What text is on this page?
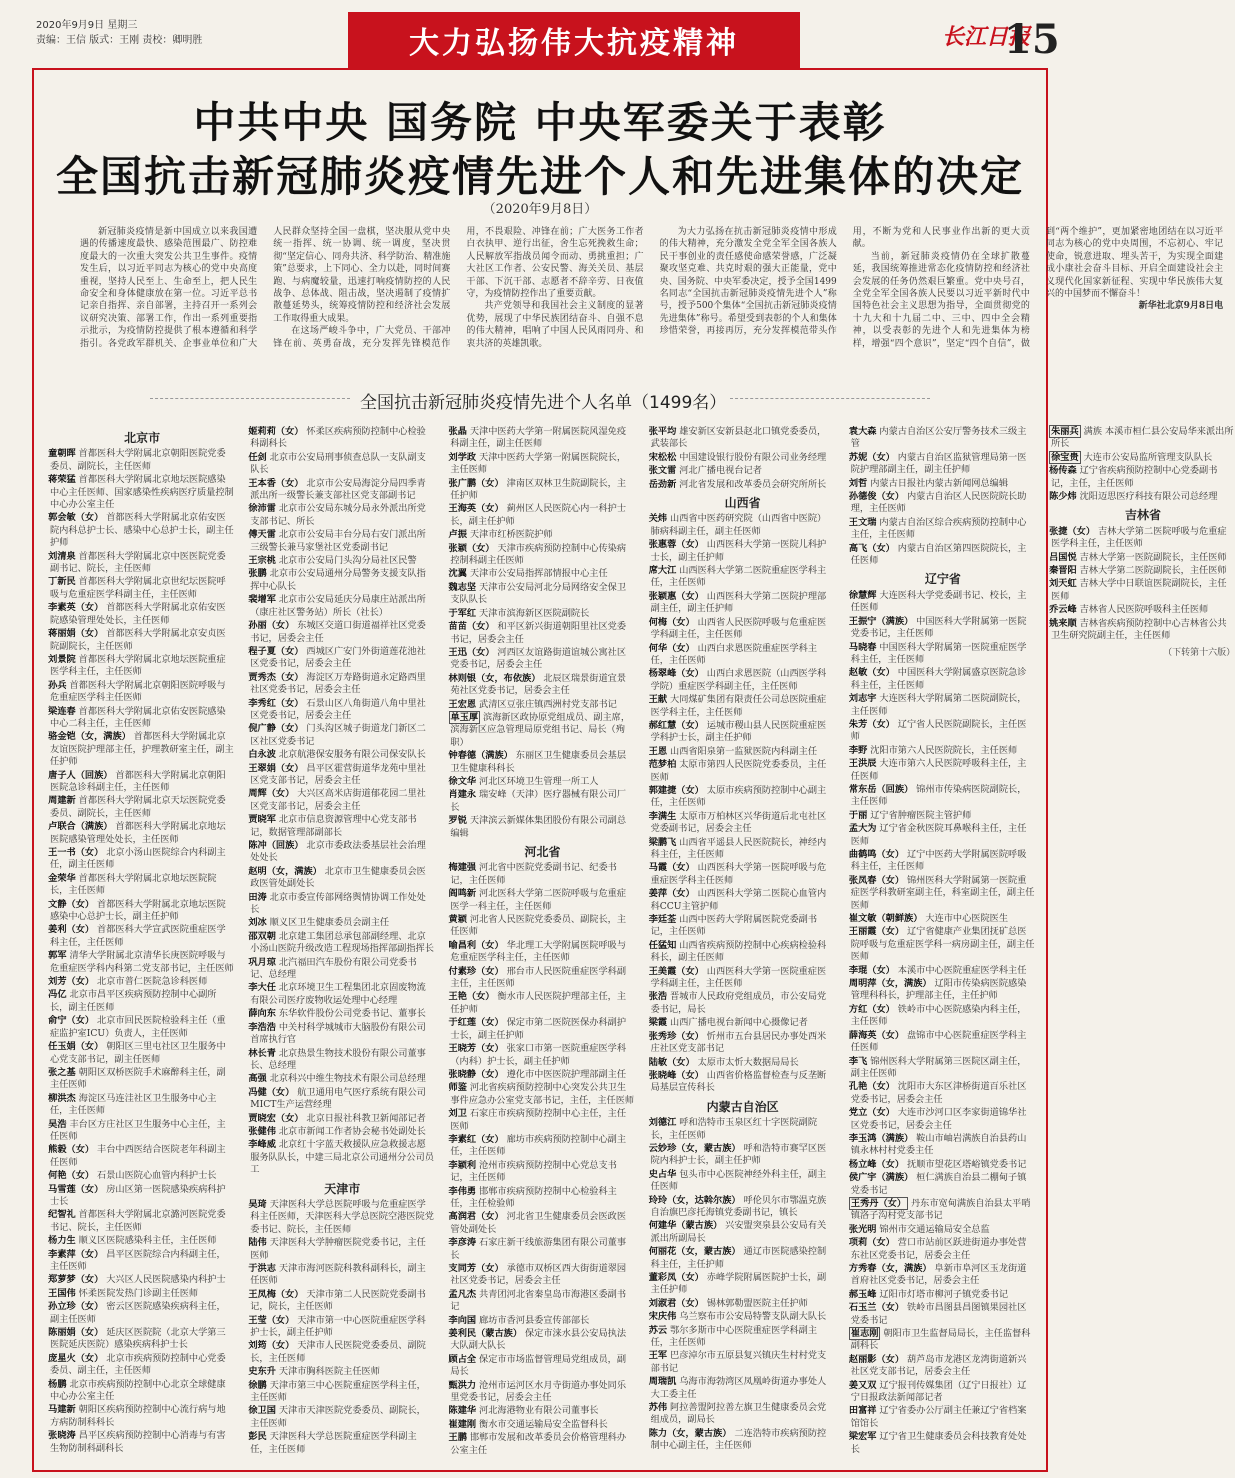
2020年9月9日 星期三
责编：王信 版式：王刚 责校：卿明胜	大力弘扬伟大抗疫精神	长江日报
15
中共中央 国务院 中央军委关于表彰
全国抗击新冠肺炎疫情先进个人和先进集体的决定
（2020年9月8日）

新冠肺炎疫情是新中国成立以来我国遭遇的传播速度最快、感染范围最广、防控难度最大的一次重大突发公共卫生事件。疫情发生后，以习近平同志为核心的党中央高度重视，坚持人民至上、生命至上，把人民生命安全和身体健康放在第一位。习近平总书记亲自指挥、亲自部署，主持召开一系列会议研究决策、部署工作，作出一系列重要指示批示，为疫情防控提供了根本遵循和科学指引。各党政军群机关、企事业单位和广大人民群众坚持全国一盘棋，坚决服从党中央统一指挥、统一协调、统一调度，坚决贯彻“坚定信心、同舟共济、科学防治、精准施策”总要求，上下同心、全力以赴，同时间赛跑、与病魔较量，迅速打响疫情防控的人民战争、总体战、阻击战，坚决遏制了疫情扩散蔓延势头，统筹疫情防控和经济社会发展工作取得重大成果。

在这场严峻斗争中，广大党员、干部冲锋在前、英勇奋战，充分发挥先锋模范作用，不畏艰险、冲锋在前；广大医务工作者白衣执甲、逆行出征，舍生忘死挽救生命；人民解放军指战员闻令而动、勇挑重担；广大社区工作者、公安民警、海关关员、基层干部、下沉干部、志愿者不辞辛劳、日夜值守，为疫情防控作出了重要贡献。

共产党领导和我国社会主义制度的显著优势，展现了中华民族团结奋斗、自强不息的伟大精神，唱响了中国人民风雨同舟、和衷共济的英雄凯歌。

为大力弘扬在抗击新冠肺炎疫情中形成的伟大精神，充分激发全党全军全国各族人民干事创业的责任感使命感荣誉感，广泛凝聚攻坚克难、共克时艰的强大正能量，党中央、国务院、中央军委决定，授予全国1499名同志“全国抗击新冠肺炎疫情先进个人”称号，授予500个集体“全国抗击新冠肺炎疫情先进集体”称号。希望受到表彰的个人和集体珍惜荣誉，再接再厉，充分发挥模范带头作用，不断为党和人民事业作出新的更大贡献。

当前，新冠肺炎疫情仍在全球扩散蔓延，我国统筹推进常态化疫情防控和经济社会发展的任务仍然艰巨繁重。党中央号召，全党全军全国各族人民要以习近平新时代中国特色社会主义思想为指导，全面贯彻党的十九大和十九届二中、三中、四中全会精神，以受表彰的先进个人和先进集体为榜样，增强“四个意识”，坚定“四个自信”，做到“两个维护”，更加紧密地团结在以习近平同志为核心的党中央周围，不忘初心、牢记使命，锐意进取、埋头苦干，为实现全面建成小康社会奋斗目标、开启全面建设社会主义现代化国家新征程、实现中华民族伟大复兴的中国梦而不懈奋斗！

新华社北京9月8日电

全国抗击新冠肺炎疫情先进个人名单（1499名）
北京市
童朝晖 首都医科大学附属北京朝阳医院党委委员、副院长，主任医师
蒋荣猛 首都医科大学附属北京地坛医院感染中心主任医师、国家感染性疾病医疗质量控制中心办公室主任
郭会敏（女） 首都医科大学附属北京佑安医院内科总护士长、感染中心总护士长，副主任护师
刘清泉 首都医科大学附属北京中医医院党委副书记、院长，主任医师
丁新民 首都医科大学附属北京世纪坛医院呼吸与危重症医学科副主任，主任医师
李素英（女） 首都医科大学附属北京佑安医院感染管理处处长，主任医师
蒋丽娟（女） 首都医科大学附属北京安贞医院副院长，主任医师
刘景院 首都医科大学附属北京地坛医院重症医学科主任，主任医师
孙兵 首都医科大学附属北京朝阳医院呼吸与危重症医学科主任医师
梁连春 首都医科大学附属北京佑安医院感染中心二科主任，主任医师
骆金铠（女，满族） 首都医科大学附属北京友谊医院护理部主任，护理教研室主任，副主任护师
唐子人（回族） 首都医科大学附属北京朝阳医院急诊科副主任，主任医师
周建新 首都医科大学附属北京天坛医院党委委员、副院长，主任医师
卢联合（满族） 首都医科大学附属北京地坛医院感染管理处处长，主任医师
王一书（女） 北京小汤山医院综合内科副主任，副主任医师
金荣华 首都医科大学附属北京地坛医院院长，主任医师
文静（女） 首都医科大学附属北京地坛医院感染中心总护士长，副主任护师
姜利（女） 首都医科大学宣武医院重症医学科主任，主任医师
郭军 清华大学附属北京清华长庚医院呼吸与危重症医学科内科第二党支部书记，主任医师
刘芳（女） 北京市普仁医院急诊科医师
冯亿 北京市昌平区疾病预防控制中心副所长，副主任医师
俞宁（女） 北京市回民医院检验科主任（重症监护室ICU）负责人，主任医师
任玉娟（女） 朝阳区三里屯社区卫生服务中心党支部书记，副主任医师
张之基 朝阳区双桥医院手术麻醉科主任，副主任医师
柳洪杰 海淀区马连洼社区卫生服务中心主任，主任医师
吴浩 丰台区方庄社区卫生服务中心主任，主任医师
熊毅（女） 丰台中西医结合医院老年科副主任医师
何艳（女） 石景山医院心血管内科护士长
马雪莲（女） 房山区第一医院感染疾病科护士长
纪智礼 首都医科大学附属北京潞河医院党委书记、院长，主任医师
杨力生 顺义区医院感染科主任，主任医师
李素萍（女） 昌平区医院综合内科副主任，主任医师
郑萝梦（女） 大兴区人民医院感染内科护士
王国伟 怀柔医院发热门诊副主任医师
孙立珍（女） 密云区医院感染疾病科主任，副主任医师
陈丽娟（女） 延庆区医院院（北京大学第三医院延庆医院）感染疾病科护士长
庞星火（女） 北京市疾病预防控制中心党委委员、副主任，主任医师
杨鹏 北京市疾病预防控制中心北京全球健康中心办公室主任
马建新 朝阳区疾病预防控制中心流行病与地方病防制科科长
张晓涛 昌平区疾病预防控制中心消毒与有害生物防制科副科长
姬莉莉（女） 怀柔区疾病预防控制中心检验科副科长
任剑 北京市公安局刑事侦查总队一支队副支队长
王本香（女） 北京市公安局海淀分局四季青派出所一级警长兼支部社区党支部副书记
徐沛雷 北京市公安局东城分局永外派出所党支部书记、所长
傅天雷 北京市公安局丰台分局右安门派出所三级警长兼马家堡社区党委副书记
王宗桃 北京市公安局门头沟分局社区民警
张鹏 北京市公安局通州分局警务支援支队指挥中心队长
裴增军 北京市公安局延庆分局康庄站派出所（康庄社区警务站）所长（社长）
孙丽（女） 东城区交道口街道福祥社区党委书记，居委会主任
程子夏（女） 西城区广安门外街道莲花池社区党委书记，居委会主任
贾秀杰（女） 海淀区万寿路街道永定路西里社区党委书记，居委会主任
李秀红（女） 石景山区八角街道八角中里社区党委书记，居委会主任
倪广静（女） 门头沟区城子街道龙门新区二区社区党委书记
白永波 北京航港保安服务有限公司保安队长
王翠娟（女） 昌平区霍营街道华龙苑中里社区党支部书记，居委会主任
周辉（女） 大兴区高米店街道郁花园二里社区党支部书记，居委会主任
贾晓军 北京市信息资源管理中心党支部书记，数据管理部副部长
陈冲（回族） 北京市委政法委基层社会治理处处长
赵明（女，满族） 北京市卫生健康委员会医政医管处副处长
田涛 北京市委宣传部网络舆情协调工作处处长
刘冰 顺义区卫生健康委员会副主任
邵双朝 北京建工集团总承包部副经理、北京小汤山医院升级改造工程现场指挥部副指挥长
巩月琼 北汽福田汽车股份有限公司党委书记、总经理
李大任 北京环境卫生工程集团北京固废物流有限公司医疗废物收运处理中心经理
薛向东 东华软件股份公司党委书记、董事长
李浩浩 中关村科学城城市大脑股份有限公司首席执行官
林长青 北京热景生物技术股份有限公司董事长、总经理
高强 北京科兴中维生物技术有限公司总经理
冯健（女） 航卫通用电气医疗系统有限公司MICT生产运营经理
贾晓宏（女） 北京日报社科教卫新闻部记者
张健伟 北京市新闻工作者协会秘书处副处长
李峰威 北京红十字蓝天救援队应急救援志愿服务队队长，中建三局北京公司通州分公司员工
天津市
吴琦 天津医科大学总医院呼吸与危重症医学科主任医师，天津医科大学总医院空港医院党委书记、院长，主任医师
陆伟 天津医科大学肿瘤医院党委书记，主任医师
于洪志 天津市海河医院科教科副科长，副主任医师
王凤梅（女） 天津市第二人民医院党委副书记，院长，主任医师
王莹（女） 天津市第一中心医院重症医学科护士长，副主任护师
刘筠（女） 天津市人民医院党委委员、副院长，主任医师
史东升 天津市胸科医院主任医师
徐鹏 天津市第三中心医院重症医学科主任，主任医师
徐卫国 天津市天津医院党委委员、副院长，主任医师
彭民 天津医科大学总医院重症医学科副主任，主任医师
张晶 天津中医药大学第一附属医院风湿免疫科副主任，副主任医师
刘学政 天津中医药大学第一附属医院院长，主任医师
张广鹏（女） 津南区双林卫生院副院长，主任护师
王海英（女） 蓟州区人民医院心内一科护士长，副主任护师
卢振 天津市红桥医院护师
张颖（女） 天津市疾病预防控制中心传染病控制科副主任医师
沈翼 天津市公安局指挥部情报中心主任
魏志坚 天津市公安局河北分局网络安全保卫支队队长
于军红 天津市滨海新区医院副院长
苗苗（女） 和平区新兴街道朝阳里社区党委书记，居委会主任
王迅（女） 河西区友谊路街道谊城公寓社区党委书记，居委会主任
林则银（女，布依族） 北辰区瑞景街道宜景苑社区党委书记，居委会主任
王宏恩 武清区豆张庄镇西洲村党支部书记
单玉厚 滨海新区政协原党组成员、副主席，滨海新区应急管理局原党组书记、局长（殉职）
钟春德（满族） 东丽区卫生健康委员会基层卫生健康科科长
徐文华 河北区环境卫生管理一所工人
肖建永 瑞安峰（天津）医疗器械有限公司厂长
罗锐 天津滨云新媒体集团股份有限公司副总编辑
河北省
梅建强 河北省中医院党委副书记、纪委书记，主任医师
阎鸣新 河北医科大学第二医院呼吸与危重症医学一科主任，主任医师
黄颖 河北省人民医院党委委员、副院长，主任医师
喻昌利（女） 华北理工大学附属医院呼吸与危重症医学科主任，主任医师
付素珍（女） 邢台市人民医院重症医学科副主任，主任医师
王艳（女） 衡水市人民医院护理部主任，主任护师
于红莲（女） 保定市第二医院医保办科副护士长，副主任护师
王晓芳（女） 张家口市第一医院重症医学科（内科）护士长，副主任护师
张晓静（女） 遵化市中医医院护理部副主任
师鉴 河北省疾病预防控制中心突发公共卫生事件应急办公室党支部书记，主任，主任医师
刘卫 石家庄市疾病预防控制中心主任，主任医师
李素红（女） 廊坊市疾病预防控制中心副主任，主任医师
李颖利 沧州市疾病预防控制中心党总支书记，主任医师
李伟勇 邯郸市疾病预防控制中心检验科主任，主任检验师
高润君（女） 河北省卫生健康委员会医政医管处副处长
李彦涛 石家庄新干线旅游集团有限公司董事长
支同芳（女） 承德市双桥区西大街街道翠园社区党委书记，居委会主任
孟凡杰 共青团河北省秦皇岛市海港区委副书记
李向国 廊坊市香河县委宣传部部长
姜利民（蒙古族） 保定市涞水县公安局执法大队副大队长
顾占全 保定市市场监督管理局党组成员，副局长
甄洪力 沧州市运河区水月寺街道办事处同乐里党委书记，居委会主任
陈建华 河北海港物业有限公司董事长
崔建刚 衡水市交通运输局安全监督科长
王鹏 邯郸市发展和改革委员会价格管理科办公室主任
张平均 雄安新区安新县赵北口镇党委委员，武装部长
宋松松 中国建设银行股份有限公司业务经理
张文雷 河北广播电视台记者
岳劲新 河北省发展和改革委员会研究所所长
山西省
关炜 山西省中医药研究院（山西省中医院）肺病科副主任，副主任医师
张惠蓉（女） 山西医科大学第一医院儿科护士长，副主任护师
席大江 山西医科大学第二医院重症医学科主任，主任医师
张颖惠（女） 山西医科大学第二医院护理部副主任，副主任护师
何梅（女） 山西省人民医院呼吸与危重症医学科副主任，主任医师
何华（女） 山西白求恩医院重症医学科主任，主任医师
杨翠峰（女） 山西白求恩医院（山西医学科学院）重症医学科副主任，主任医师
王献 大同煤矿集团有限责任公司总医院重症医学科主任，主任医师
郝红慧（女） 运城市稷山县人民医院重症医学科护士长，副主任护师
王恩 山西省阳泉第一监狱医院内科副主任
范梦柏 太原市第四人民医院党委委员，主任医师
郭建捷（女） 太原市疾病预防控制中心副主任，主任医师
李满生 太原市万柏林区兴华街道后北屯社区党委副书记，居委会主任
梁鹏飞 山西省平遥县人民医院院长，神经内科主任，主任医师
马霞（女） 山西医科大学第一医院呼吸与危重症医学科主任医师
姜萍（女） 山西医科大学第二医院心血管内科CCU主管护师
李廷荃 山西中医药大学附属医院党委副书记，主任医师
任猛知 山西省疾病预防控制中心疾病检验科科长，副主任医师
王美霞（女） 山西医科大学第一医院重症医学科副主任，主任医师
张浩 晋城市人民政府党组成员，市公安局党委书记，局长
梁霞 山西广播电视台新闻中心摄像记者
张秀珍（女） 忻州市五台县居民办事处西米庄社区党支部书记
陆敏（女） 太原市太忻大数据局局长
张晓峰（女） 山西省价格监督检查与反垄断局基层宣传科长
内蒙古自治区
刘德江 呼和浩特市玉泉区红十字医院副院长，主任医师
云妙珍（女，蒙古族） 呼和浩特市赛罕区医院内科护士长，副主任护师
史占华 包头市中心医院神经外科主任，副主任医师
玲玲（女，达斡尔族） 呼伦贝尔市鄂温克族自治旗巴彦托海镇党委副书记，镇长
何建华（蒙古族） 兴安盟突泉县公安局有关派出所副局长
何丽花（女，蒙古族） 通辽市医院感染控制科主任，主任护师
董彩凤（女） 赤峰学院附属医院护士长，副主任护师
刘淑君（女） 锡林郭勒盟医院主任护师
宋庆伟 乌兰察布市公安局特警支队副大队长
苏云 鄂尔多斯市中心医院重症医学科副主任，主任医师
王军 巴彦淖尔市五原县复兴镇庆生村村党支部书记
周瑞凯 乌海市海勃湾区凤凰岭街道办事处人大工委主任
苏伟 阿拉善盟阿拉善左旗卫生健康委员会党组成员，副局长
陈力（女，蒙古族） 二连浩特市疾病预防控制中心副主任，主任医师
袁大森 内蒙古自治区公安厅警务技术三级主管
苏妮（女） 内蒙古自治区监狱管理局第一医院护理部副主任，副主任护师
刘哲 内蒙古日报社内蒙古新闻网总编辑
孙德俊（女） 内蒙古自治区人民医院院长助理，主任医师
王文瑞 内蒙古自治区综合疾病预防控制中心主任，主任医师
高飞（女） 内蒙古自治区第四医院院长，主任医师
辽宁省
徐慧辉 大连医科大学党委副书记、校长，主任医师
王振宁（满族） 中国医科大学附属第一医院党委书记，主任医师
马晓春 中国医科大学附属第一医院重症医学科主任，主任医师
赵敏（女） 中国医科大学附属盛京医院急诊科主任，主任医师
刘志宇 大连医科大学附属第二医院副院长，主任医师
朱芳（女） 辽宁省人民医院副院长，主任医师
李野 沈阳市第六人民医院院长，主任医师
王洪辰 大连市第六人民医院呼吸科主任，主任医师
常东岳（回族） 锦州市传染病医院副院长，主任医师
于丽 辽宁省肿瘤医院主管护师
孟大为 辽宁省金秋医院耳鼻喉科主任，主任医师
曲鹤鸣（女） 辽宁中医药大学附属医院呼吸科主任，主任医师
张凤春（女） 锦州医科大学附属第一医院重症医学科教研室副主任，科室副主任，副主任医师
崔文敏（朝鲜族） 大连市中心医院医生
王丽霞（女） 辽宁省健康产业集团抚矿总医院呼吸与危重症医学科一病房副主任，副主任医师
李琨（女） 本溪市中心医院重症医学科主任
周明萍（女，满族） 辽阳市传染病医院感染管理科科长，护理部主任，主任护师
方红（女） 铁岭市中心医院感染内科主任，主任医师
薛海英（女） 盘锦市中心医院重症医学科主任医师
李飞 锦州医科大学附属第三医院区副主任，副主任医师
孔艳（女） 沈阳市大东区津桥街道百乐社区党委书记，居委会主任
党立（女） 大连市沙河口区李家街道锦华社区党委书记，居委会主任
李玉鸿（满族） 鞍山市岫岩满族自治县药山镇永林村村党委主任
杨立峰（女） 抚顺市望花区塔峪镇党委书记
侯广宇（满族） 桓仁满族自治县二棚甸子镇党委书记
王秀丹（女） 丹东市宽甸满族自治县太平哨镇洛子沟村党支部书记
张光明 锦州市交通运输局安全总监
项莉（女） 营口市站前区跃进街道办事处营东社区党委书记，居委会主任
方秀春（女，满族） 阜新市阜河区玉龙街道首府社区党委书记，居委会主任
郝玉峰 辽阳市灯塔市柳河子镇党委书记
石玉兰（女） 铁岭市昌图县昌图镇果园社区党委书记
崔志刚 朝阳市卫生监督局局长，主任监督科副科长
赵丽影（女） 葫芦岛市龙港区龙湾街道新兴社区党支部书记，居委会主任
姜又双 辽宁报刊传媒集团（辽宁日报社）辽宁日报政法新闻部记者
田富祥 辽宁省委办公厅副主任兼辽宁省档案馆馆长
梁宏军 辽宁省卫生健康委员会科技教育处处长
朱丽兵 满族 本溪市桓仁县公安局华来派出所所长
徐宝贵 大连市公安局监所管理支队队长
杨传森 辽宁省疾病预防控制中心党委副书记，主任，主任医师
陈少炜 沈阳迈思医疗科技有限公司总经理
吉林省
张捷（女） 吉林大学第二医院呼吸与危重症医学科主任，主任医师
吕国悦 吉林大学第一医院副院长，主任医师
秦晋阳 吉林大学第二医院副院长，主任医师
刘天虹 吉林大学中日联谊医院副院长，主任医师
乔云峰 吉林省人民医院呼吸科主任医师
姚来顺 吉林省疾病预防控制中心吉林省公共卫生研究院副主任，主任医师
（下转第十六版）
